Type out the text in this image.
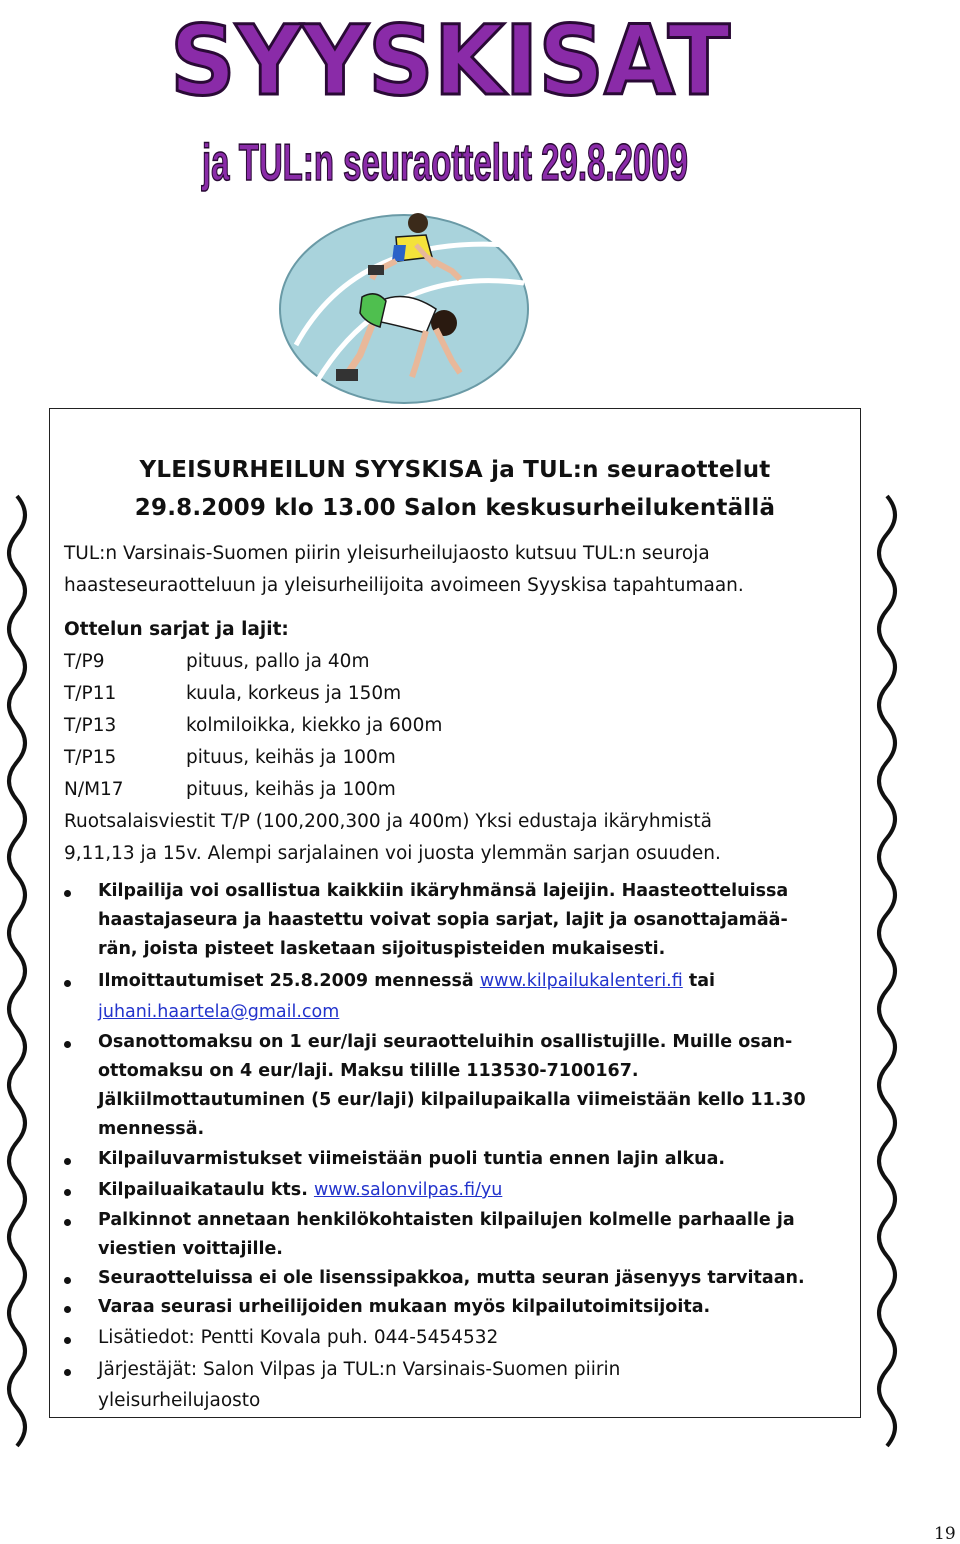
SYYSKISAT
ja TUL:n seuraottelut 29.8.2009
YLEISURHEILUN SYYSKISA ja TUL:n seuraottelut
29.8.2009 klo 13.00 Salon keskusurheilukentällä
TUL:n Varsinais-Suomen piirin yleisurheilujaosto kutsuu TUL:n seuroja
haasteseuraotteluun ja yleisurheilijoita avoimeen Syyskisa tapahtumaan.
Ottelun sarjat ja lajit:
T/P9	pituus, pallo ja 40m
T/P11	kuula, korkeus ja 150m
T/P13	kolmiloikka, kiekko ja 600m
T/P15	pituus, keihäs ja 100m
N/M17	pituus, keihäs ja 100m
Ruotsalaisviestit T/P (100,200,300 ja 400m) Yksi edustaja ikäryhmistä
9,11,13 ja 15v. Alempi sarjalainen voi juosta ylemmän sarjan osuuden.
Kilpailija voi osallistua kaikkiin ikäryhmänsä lajeijin. Haasteotteluissa
haastajaseura ja haastettu voivat sopia sarjat, lajit ja osanottajamää-
rän, joista pisteet lasketaan sijoituspisteiden mukaisesti.
Ilmoittautumiset 25.8.2009 mennessä www.kilpailukalenteri.fi tai
juhani.haartela@gmail.com
Osanottomaksu on 1 eur/laji seuraotteluihin osallistujille. Muille osan-
ottomaksu on 4 eur/laji. Maksu tilille 113530-7100167.
Jälkiilmottautuminen (5 eur/laji) kilpailupaikalla viimeistään kello 11.30
mennessä.
Kilpailuvarmistukset viimeistään puoli tuntia ennen lajin alkua.
Kilpailuaikataulu kts. www.salonvilpas.fi/yu
Palkinnot annetaan henkilökohtaisten kilpailujen kolmelle parhaalle ja
viestien voittajille.
Seuraotteluissa ei ole lisenssipakkoa, mutta seuran jäsenyys tarvitaan.
Varaa seurasi urheilijoiden mukaan myös kilpailutoimitsijoita.
Lisätiedot: Pentti Kovala puh. 044-5454532
Järjestäjät: Salon Vilpas ja TUL:n Varsinais-Suomen piirin
yleisurheilujaosto
19
